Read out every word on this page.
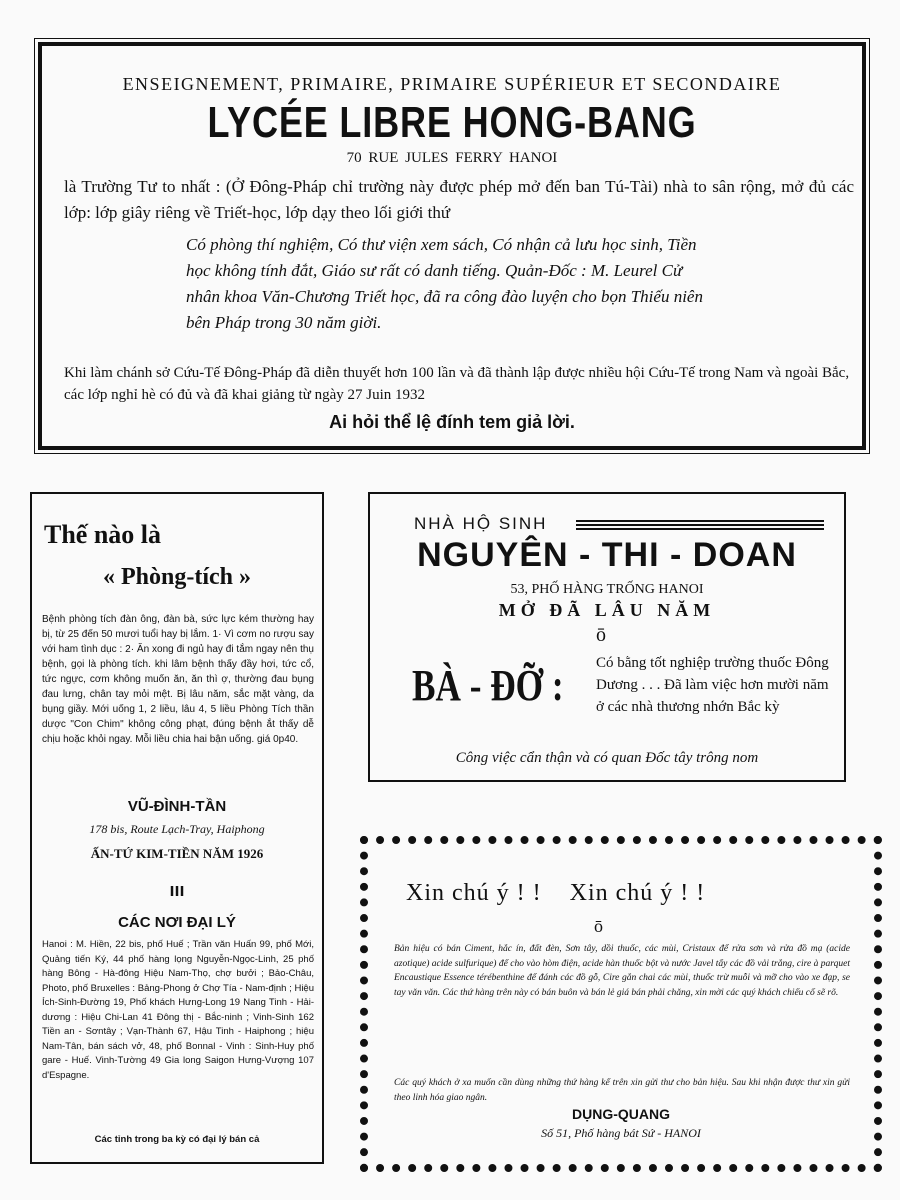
ENSEIGNEMENT, PRIMAIRE, PRIMAIRE SUPÉRIEUR ET SECONDAIRE
LYCÉE LIBRE HONG-BANG
70 RUE JULES FERRY HANOI
là Trường Tư to nhất : (Ở Đông-Pháp chỉ trường này được phép mở đến ban Tú-Tài) nhà to sân rộng, mở đủ các lớp: lớp giây riêng về Triết-học, lớp dạy theo lối giới thứ
Có phòng thí nghiệm, Có thư viện xem sách, Có nhận cả lưu học sinh, Tiền học không tính đắt, Giáo sư rất có danh tiếng. Quản-Đốc : M. Leurel Cử nhân khoa Văn-Chương Triết học, đã ra công đào luyện cho bọn Thiếu niên bên Pháp trong 30 năm giời.
Khi làm chánh sở Cứu-Tế Đông-Pháp đã diễn thuyết hơn 100 lần và đã thành lập được nhiều hội Cứu-Tế trong Nam và ngoài Bắc, các lớp nghỉ hè có đủ và đã khai giảng từ ngày 27 Juin 1932
Ai hỏi thể lệ đính tem giả lời.
Thế nào là
« Phòng-tích »
Bệnh phòng tích đàn ông, đàn bà, sức lực kém thường hay bị, từ 25 đến 50 mươi tuổi hay bị lắm. 1· Vì cơm no rượu say với ham tình dục : 2· Ăn xong đi ngủ hay đi tắm ngay nên thụ bệnh, gọi là phòng tích. khi lâm bệnh thấy đầy hơi, tức cổ, tức ngực, cơm không muốn ăn, ăn thì ợ, thường đau bụng đau lưng, chân tay mỏi mệt. Bị lâu năm, sắc mặt vàng, da bụng giầy. Mới uống 1, 2 liều, lâu 4, 5 liều Phòng Tích thần dược "Con Chim" không công phạt, đúng bệnh ắt thấy dễ chịu hoặc khỏi ngay. Mỗi liều chia hai bận uống. giá 0p40.
VŨ-ĐÌNH-TẦN
178 bis, Route Lạch-Tray, Haiphong
ẤN-TỨ KIM-TIỀN NĂM 1926
ııı
CÁC NƠI ĐẠI LÝ
Hanoi : M. Hiền, 22 bis, phố Huế ; Trần văn Huấn 99, phố Mới, Quảng tiến Ký, 44 phố hàng lọng Nguyễn-Ngọc-Linh, 25 phố hàng Bông - Hà-đông Hiệu Nam-Thọ, chợ bưởi ; Bảo-Châu, Photo, phố Bruxelles : Bảng-Phong ở Chợ Tía - Nam-định ; Hiệu Ích-Sinh-Đường 19, Phố khách Hưng-Long 19 Nang Tinh - Hải-dương : Hiệu Chi-Lan 41 Đông thị - Bắc-ninh ; Vinh-Sinh 162 Tiền an - Sơntây ; Vạn-Thành 67, Hậu Tinh - Haiphong ; hiệu Nam-Tân, bán sách vở, 48, phố Bonnal - Vinh : Sinh-Huy phố gare - Huế. Vinh-Tường 49 Gia long Saigon Hưng-Vượng 107 d'Espagne.
Các tỉnh trong ba kỳ có đại lý bán cả
NHÀ HỘ SINH
NGUYÊN - THI - DOAN
53, PHỐ HÀNG TRỐNG HANOI
MỞ ĐÃ LÂU NĂM
ō
BÀ - ĐỠ : Có bằng tốt nghiệp trường thuốc Đông Dương . . . Đã làm việc hơn mười năm ở các nhà thương nhớn Bắc kỳ
Công việc cẩn thận và có quan Đốc tây trông nom
Xin chú ý ! !    Xin chú ý ! !
ō
Bản hiệu có bán Ciment, hắc ín, đất đèn, Sơn tây, dồi thuốc, các mùi, Cristaux để rửa sơn và rửa đồ mạ (acide azotique) acide sulfurique) để cho vào hòm điện, acide hàn thuốc bột và nước Javel tẩy các đồ vải trắng, cire à parquet Encaustique Essence térébenthine để đánh các đồ gỗ, Cire gắn chai các mùi, thuốc trừ muỗi và mỡ cho vào xe đạp, se tay văn văn. Các thứ hàng trên này có bán buôn và bán lẻ giá bán phải chăng, xin mời các quý khách chiếu cố sẽ rõ.
Các quý khách ở xa muốn cần dùng những thứ hàng kể trên xin gửi thư cho bản hiệu. Sau khi nhận được thư xin gửi theo linh hóa giao ngân.
DỤNG-QUANG
Số 51, Phố hàng bát Sứ - HANOI
